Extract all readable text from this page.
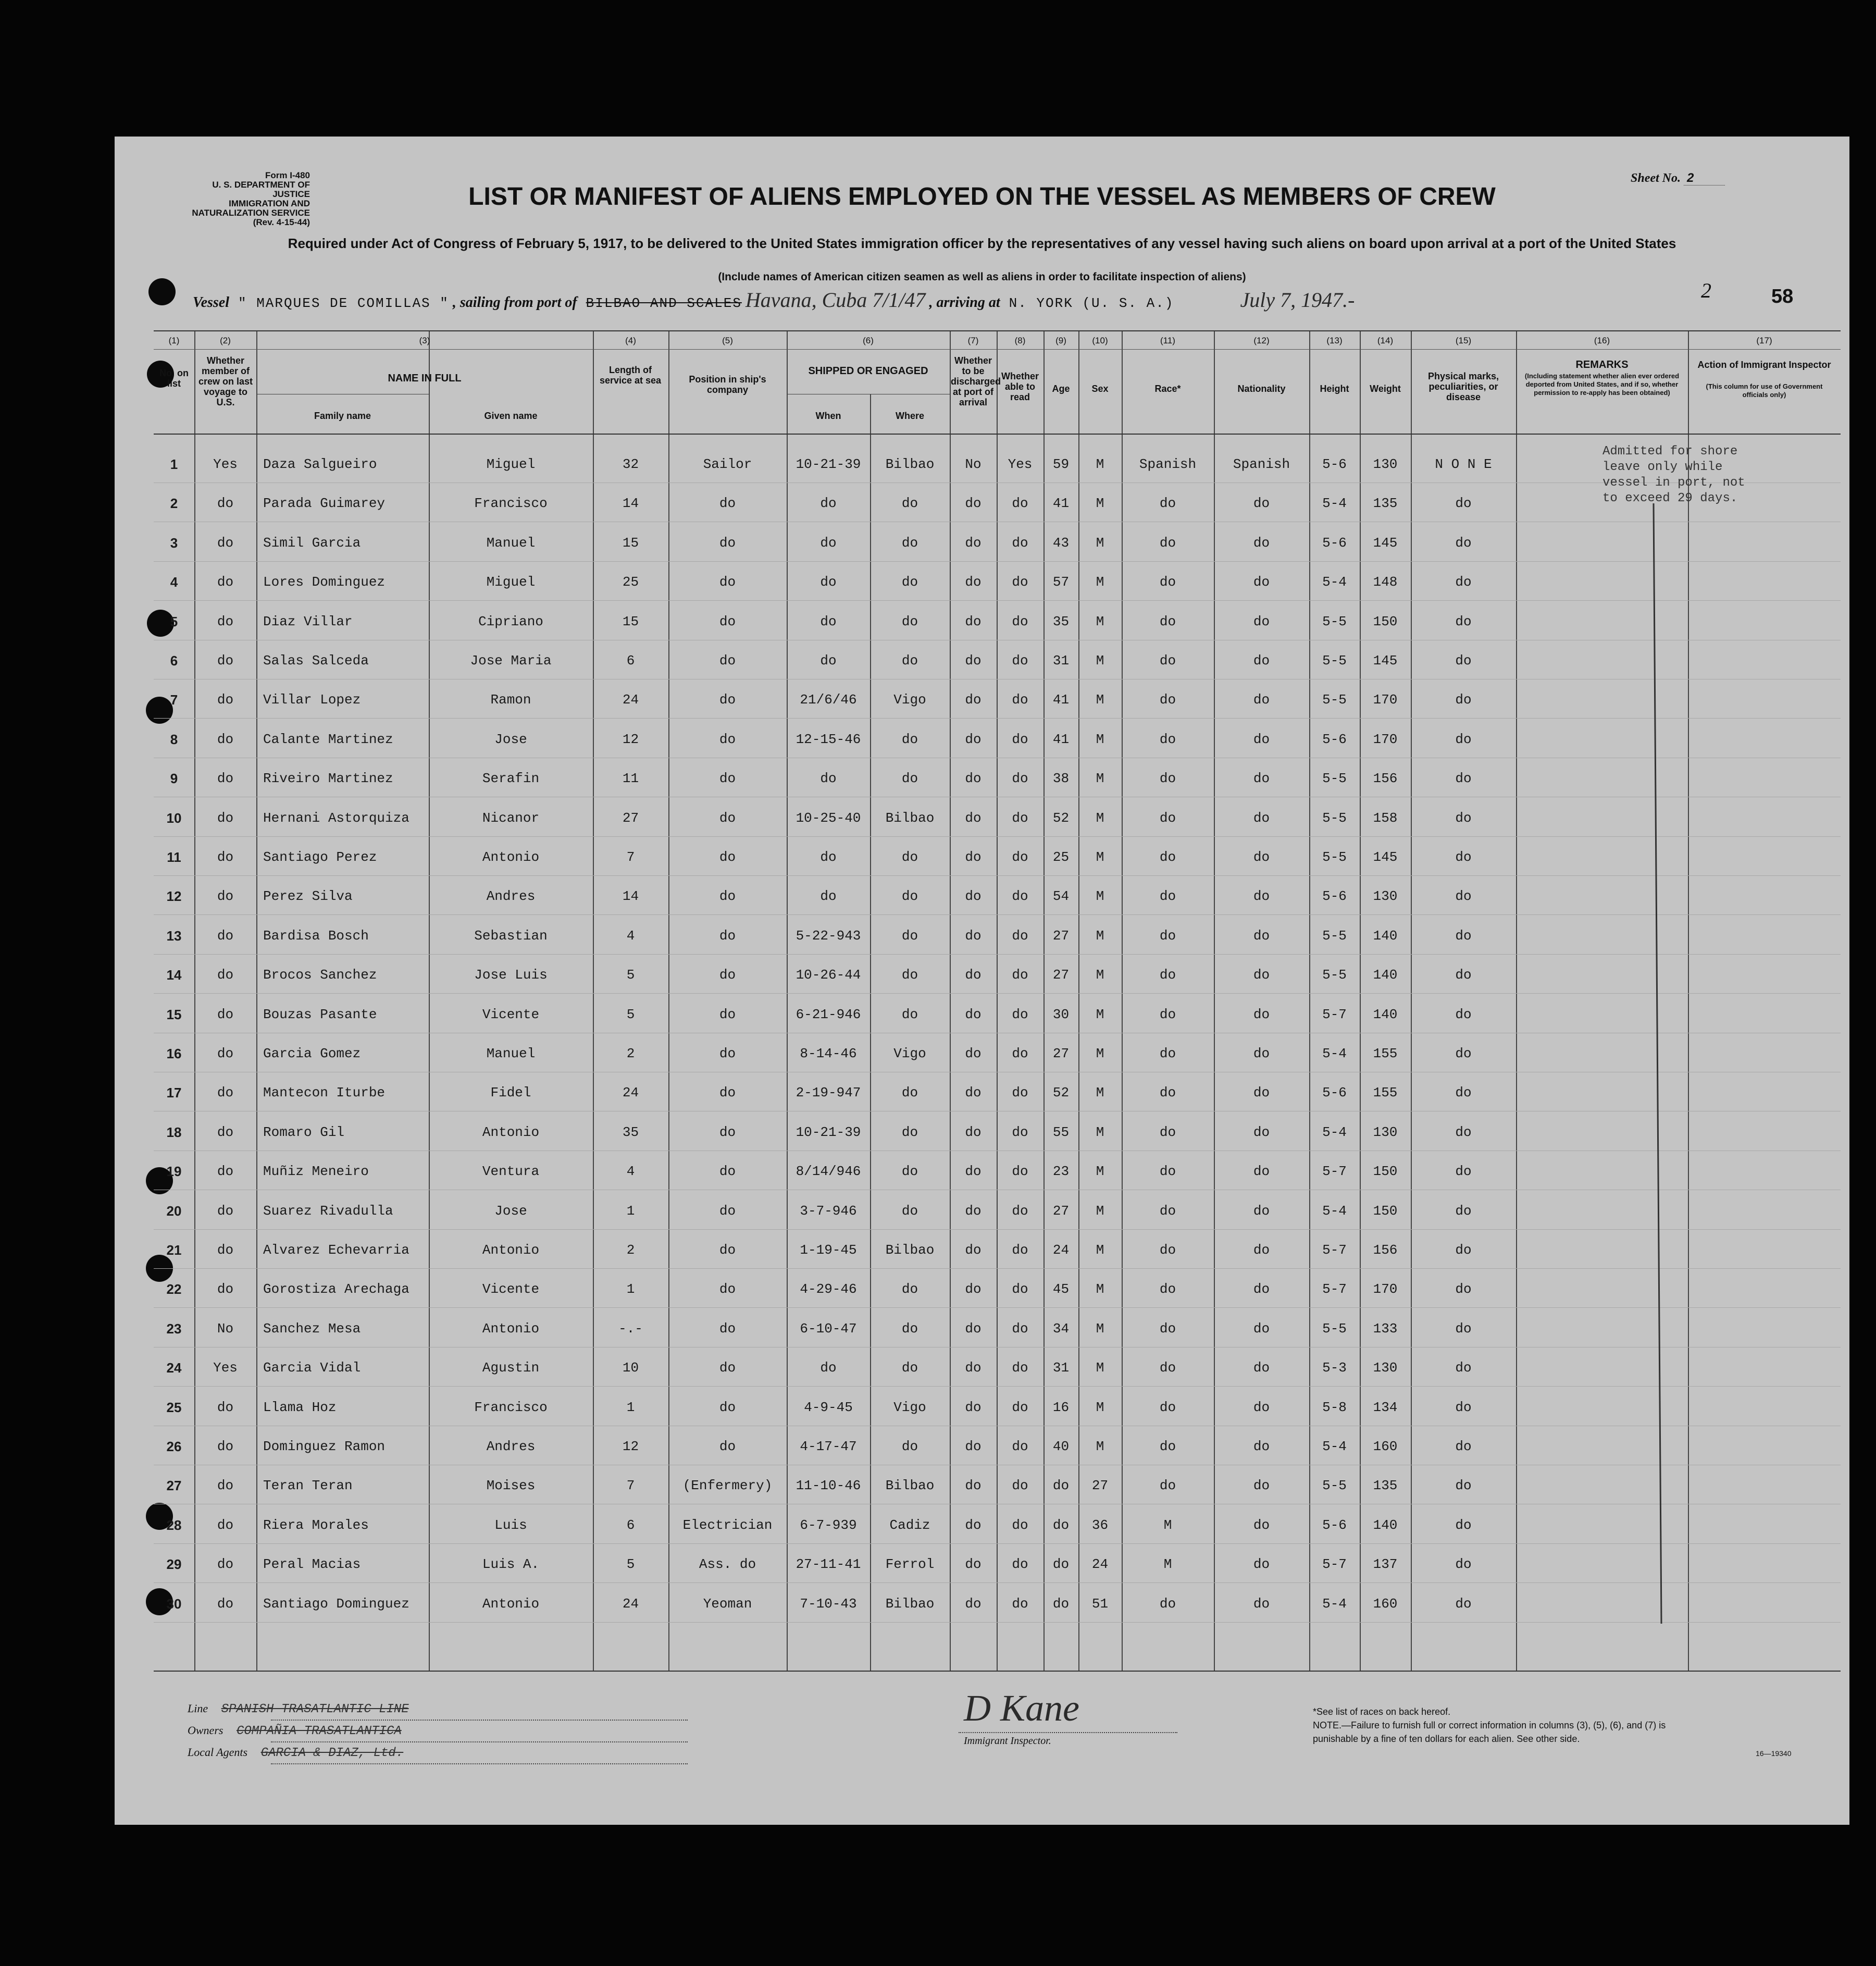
Form I-480
U. S. DEPARTMENT OF JUSTICE
IMMIGRATION AND NATURALIZATION SERVICE
(Rev. 4-15-44)
Sheet No. 2
LIST OR MANIFEST OF ALIENS EMPLOYED ON THE VESSEL AS MEMBERS OF CREW
Required under Act of Congress of February 5, 1917, to be delivered to the United States immigration officer by the representatives of any vessel having such aliens on board upon arrival at a port of the United States
(Include names of American citizen seamen as well as aliens in order to facilitate inspection of aliens)
58
2
Vessel " MARQUES DE COMILLAS " , sailing from port of BILBAO AND SCALES Havana, Cuba 7/1/47 , arriving at N. YORK (U. S. A.)	July 7, 1947.-
(1)	(2)	(3)	(4)	(5)	(6)	(7)	(8)	(9)	(10)	(11)	(12)	(13)	(14)	(15)	(16)	(17)
No. on list
Whether member of crew on last voyage to U.S.
NAME IN FULL
Family name	Given name
Length of service at sea	Position in ship's company
SHIPPED OR ENGAGED
When	Where
Whether to be discharged at port of arrival
Whether able to read
Age	Sex	Race*	Nationality	Height	Weight
Physical marks, peculiarities, or disease
REMARKS
(Including statement whether alien ever ordered deported from United States, and if so, whether permission to re-apply has been obtained)
Action of Immigrant Inspector
(This column for use of Government officials only)
1	Yes	Daza Salgueiro	Miguel	32	Sailor	10-21-39	Bilbao	No	Yes	59	M	Spanish	Spanish	5-6	130	N O N E
2	do	Parada Guimarey	Francisco	14	do	do	do	do	do	41	M	do	do	5-4	135	do
3	do	Simil Garcia	Manuel	15	do	do	do	do	do	43	M	do	do	5-6	145	do
4	do	Lores Dominguez	Miguel	25	do	do	do	do	do	57	M	do	do	5-4	148	do
5	do	Diaz Villar	Cipriano	15	do	do	do	do	do	35	M	do	do	5-5	150	do
6	do	Salas Salceda	Jose Maria	6	do	do	do	do	do	31	M	do	do	5-5	145	do
7	do	Villar Lopez	Ramon	24	do	21/6/46	Vigo	do	do	41	M	do	do	5-5	170	do
8	do	Calante Martinez	Jose	12	do	12-15-46	do	do	do	41	M	do	do	5-6	170	do
9	do	Riveiro Martinez	Serafin	11	do	do	do	do	do	38	M	do	do	5-5	156	do
10	do	Hernani Astorquiza	Nicanor	27	do	10-25-40	Bilbao	do	do	52	M	do	do	5-5	158	do
11	do	Santiago Perez	Antonio	7	do	do	do	do	do	25	M	do	do	5-5	145	do
12	do	Perez Silva	Andres	14	do	do	do	do	do	54	M	do	do	5-6	130	do
13	do	Bardisa Bosch	Sebastian	4	do	5-22-943	do	do	do	27	M	do	do	5-5	140	do
14	do	Brocos Sanchez	Jose Luis	5	do	10-26-44	do	do	do	27	M	do	do	5-5	140	do
15	do	Bouzas Pasante	Vicente	5	do	6-21-946	do	do	do	30	M	do	do	5-7	140	do
16	do	Garcia Gomez	Manuel	2	do	8-14-46	Vigo	do	do	27	M	do	do	5-4	155	do
17	do	Mantecon Iturbe	Fidel	24	do	2-19-947	do	do	do	52	M	do	do	5-6	155	do
18	do	Romaro Gil	Antonio	35	do	10-21-39	do	do	do	55	M	do	do	5-4	130	do
19	do	Muñiz Meneiro	Ventura	4	do	8/14/946	do	do	do	23	M	do	do	5-7	150	do
20	do	Suarez Rivadulla	Jose	1	do	3-7-946	do	do	do	27	M	do	do	5-4	150	do
21	do	Alvarez Echevarria	Antonio	2	do	1-19-45	Bilbao	do	do	24	M	do	do	5-7	156	do
22	do	Gorostiza Arechaga	Vicente	1	do	4-29-46	do	do	do	45	M	do	do	5-7	170	do
23	No	Sanchez Mesa	Antonio	-.-	do	6-10-47	do	do	do	34	M	do	do	5-5	133	do
24	Yes	Garcia Vidal	Agustin	10	do	do	do	do	do	31	M	do	do	5-3	130	do
25	do	Llama Hoz	Francisco	1	do	4-9-45	Vigo	do	do	16	M	do	do	5-8	134	do
26	do	Dominguez Ramon	Andres	12	do	4-17-47	do	do	do	40	M	do	do	5-4	160	do
27	do	Teran Teran	Moises	7	(Enfermery)	11-10-46	Bilbao	do	do	do	27	do	do	5-5	135	do
28	do	Riera Morales	Luis	6	Electrician	6-7-939	Cadiz	do	do	do	36	M	do	5-6	140	do
29	do	Peral Macias	Luis A.	5	Ass. do	27-11-41	Ferrol	do	do	do	24	M	do	5-7	137	do
30	do	Santiago Dominguez	Antonio	24	Yeoman	7-10-43	Bilbao	do	do	do	51	do	do	5-4	160	do
Admitted for shore leave only while vessel in port, not to exceed 29 days.
Line SPANISH TRASATLANTIC LINE
Owners COMPAÑIA TRASATLANTICA
Local Agents GARCIA & DIAZ, Ltd.
D Kane
Immigrant Inspector.
*See list of races on back hereof.
NOTE.—Failure to furnish full or correct information in columns (3), (5), (6), and (7) is punishable by a fine of ten dollars for each alien. See other side.
16—19340
